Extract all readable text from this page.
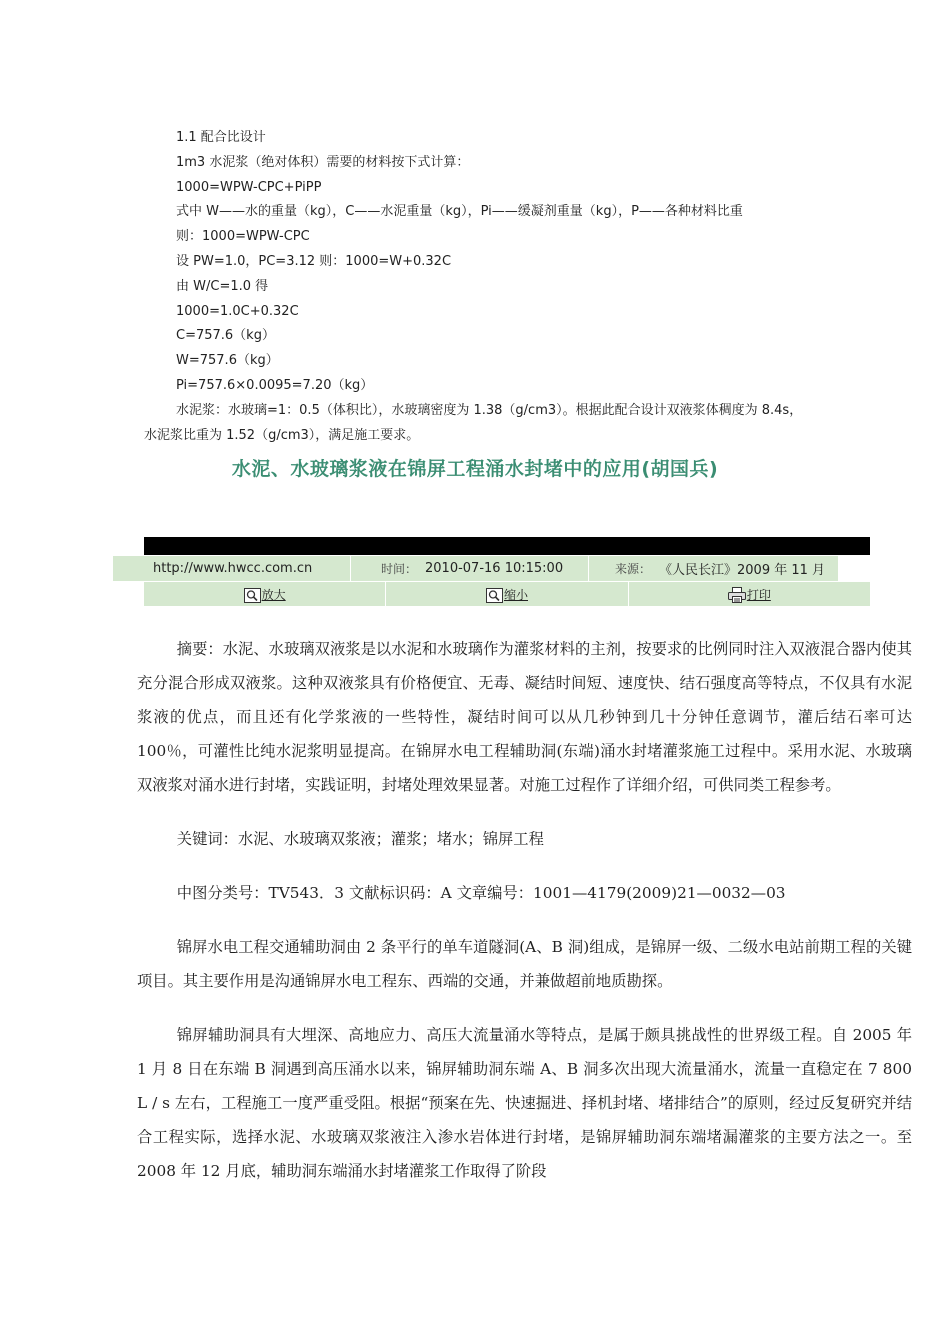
1.1 配合比设计
1m3 水泥浆（绝对体积）需要的材料按下式计算：
1000=WPW-CPC+PiPP
式中 W——水的重量（kg），C——水泥重量（kg），Pi——缓凝剂重量（kg），P——各种材料比重
则：1000=WPW-CPC
设 PW=1.0，PC=3.12 则：1000=W+0.32C
由 W/C=1.0 得
1000=1.0C+0.32C
C=757.6（kg）
W=757.6（kg）
Pi=757.6×0.0095=7.20（kg）
水泥浆：水玻璃=1：0.5（体积比），水玻璃密度为 1.38（g/cm3）。根据此配合设计双液浆体稠度为 8.4s，
水泥浆比重为 1.52（g/cm3），满足施工要求。
水泥、水玻璃浆液在锦屏工程涌水封堵中的应用(胡国兵)
http://www.hwcc.com.cn	时间： 2010-07-16 10:15:00	来源： 《人民长江》2009 年 11 月
放大	缩小	打印

摘要：水泥、水玻璃双液浆是以水泥和水玻璃作为灌浆材料的主剂，按要求的比例同时注入双液混合器内使其充分混合形成双液浆。这种双液浆具有价格便宜、无毒、凝结时间短、速度快、结石强度高等特点，不仅具有水泥浆液的优点，而且还有化学浆液的一些特性，凝结时间可以从几秒钟到几十分钟任意调节，灌后结石率可达 100％，可灌性比纯水泥浆明显提高。在锦屏水电工程辅助洞(东端)涌水封堵灌浆施工过程中。采用水泥、水玻璃双液浆对涌水进行封堵，实践证明，封堵处理效果显著。对施工过程作了详细介绍，可供同类工程参考。

关键词：水泥、水玻璃双浆液；灌浆；堵水；锦屏工程

中图分类号：TV543．3 文献标识码：A 文章编号：1001—4179(2009)21—0032—03

锦屏水电工程交通辅助洞由 2 条平行的单车道隧洞(A、B 洞)组成，是锦屏一级、二级水电站前期工程的关键项目。其主要作用是沟通锦屏水电工程东、西端的交通，并兼做超前地质勘探。

锦屏辅助洞具有大埋深、高地应力、高压大流量涌水等特点，是属于颇具挑战性的世界级工程。自 2005 年 1 月 8 日在东端 B 洞遇到高压涌水以来，锦屏辅助洞东端 A、B 洞多次出现大流量涌水，流量一直稳定在 7 800 L / s 左右，工程施工一度严重受阻。根据“预案在先、快速掘进、择机封堵、堵排结合”的原则，经过反复研究并结合工程实际，选择水泥、水玻璃双浆液注入渗水岩体进行封堵，是锦屏辅助洞东端堵漏灌浆的主要方法之一。至 2008 年 12 月底，辅助洞东端涌水封堵灌浆工作取得了阶段
